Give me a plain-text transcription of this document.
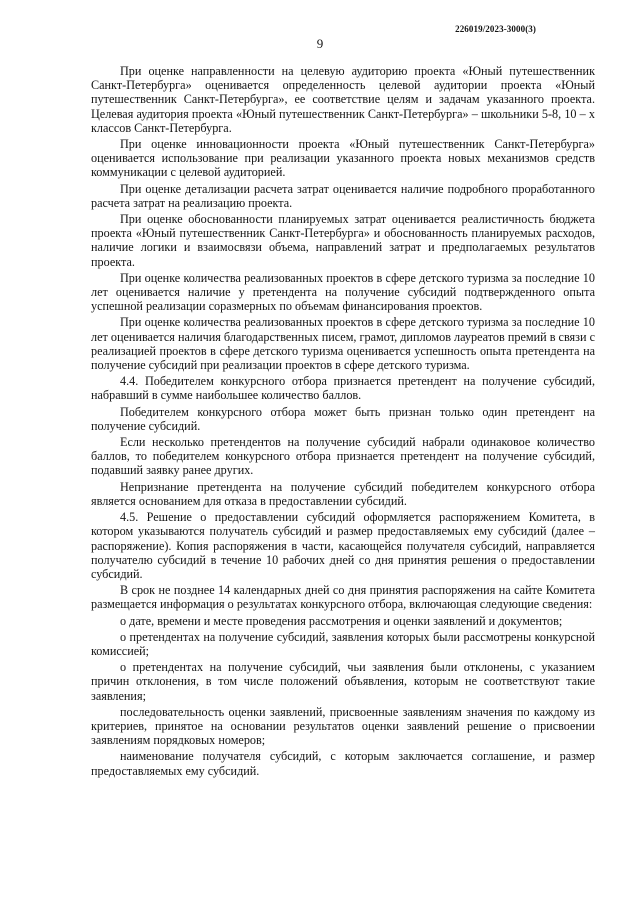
226019/2023-3000(3)
9

При оценке направленности на целевую аудиторию проекта «Юный путешественник Санкт-Петербурга» оценивается определенность целевой аудитории проекта «Юный путешественник Санкт-Петербурга», ее соответствие целям и задачам указанного проекта. Целевая аудитория проекта «Юный путешественник Санкт-Петербурга» – школьники 5-8, 10 – х классов Санкт-Петербурга.

При оценке инновационности проекта «Юный путешественник Санкт-Петербурга» оценивается использование при реализации указанного проекта новых механизмов средств коммуникации с целевой аудиторией.

При оценке детализации расчета затрат оценивается наличие подробного проработанного расчета затрат на реализацию проекта.

При оценке обоснованности планируемых затрат оценивается реалистичность бюджета проекта «Юный путешественник Санкт-Петербурга» и обоснованность планируемых расходов, наличие логики и взаимосвязи объема, направлений затрат и предполагаемых результатов проекта.

При оценке количества реализованных проектов в сфере детского туризма за последние 10 лет оценивается наличие у претендента на получение субсидий подтвержденного опыта успешной реализации соразмерных по объемам финансирования проектов.

При оценке количества реализованных проектов в сфере детского туризма за последние 10 лет оценивается наличия благодарственных писем, грамот, дипломов лауреатов премий в связи с реализацией проектов в сфере детского туризма оценивается успешность опыта претендента на получение субсидий при реализации проектов в сфере детского туризма.

4.4. Победителем конкурсного отбора признается претендент на получение субсидий, набравший в сумме наибольшее количество баллов.

Победителем конкурсного отбора может быть признан только один претендент на получение субсидий.

Если несколько претендентов на получение субсидий набрали одинаковое количество баллов, то победителем конкурсного отбора признается претендент на получение субсидий, подавший заявку ранее других.

Непризнание претендента на получение субсидий победителем конкурсного отбора является основанием для отказа в предоставлении субсидий.

4.5. Решение о предоставлении субсидий оформляется распоряжением Комитета, в котором указываются получатель субсидий и размер предоставляемых ему субсидий (далее – распоряжение). Копия распоряжения в части, касающейся получателя субсидий, направляется получателю субсидий в течение 10 рабочих дней со дня принятия решения о предоставлении субсидий.

В срок не позднее 14 календарных дней со дня принятия распоряжения на сайте Комитета размещается информация о результатах конкурсного отбора, включающая следующие сведения:

о дате, времени и месте проведения рассмотрения и оценки заявлений и документов;

о претендентах на получение субсидий, заявления которых были рассмотрены конкурсной комиссией;

о претендентах на получение субсидий, чьи заявления были отклонены, с указанием причин отклонения, в том числе положений объявления, которым не соответствуют такие заявления;

последовательность оценки заявлений, присвоенные заявлениям значения по каждому из критериев, принятое на основании результатов оценки заявлений решение о присвоении заявлениям порядковых номеров;

наименование получателя субсидий, с которым заключается соглашение, и размер предоставляемых ему субсидий.
